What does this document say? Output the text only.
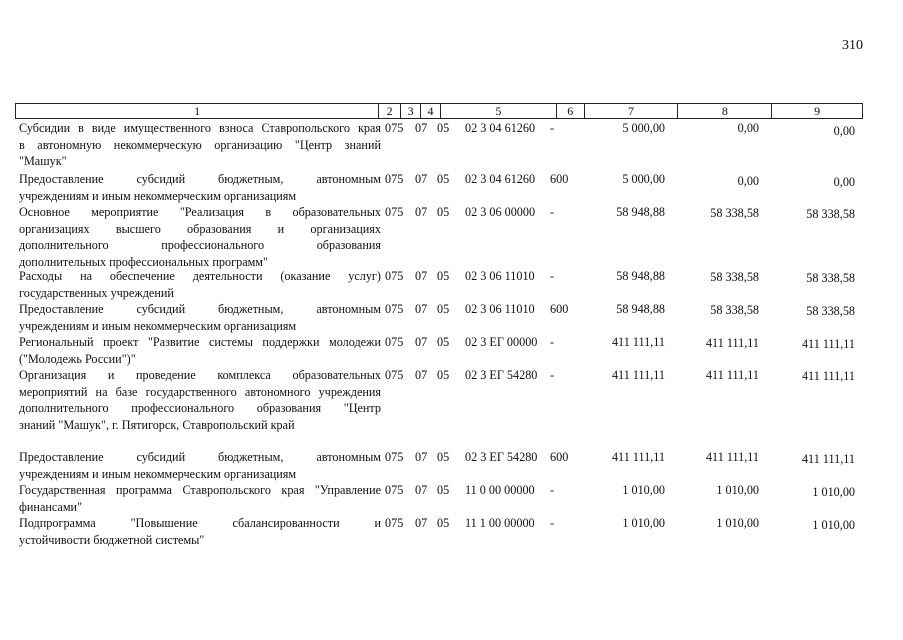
310
1	2	3	4	5	6	7	8	9
Субсидии в виде имущественного взноса Ставропольского края
в автономную некоммерческую организацию "Центр знаний
"Машук"
075 07 05	02 3 04 61260	-	5 000,00	0,00	0,00
Предоставление субсидий бюджетным, автономным
учреждениям и иным некоммерческим организациям
075 07 05	02 3 04 61260	600	5 000,00	0,00	0,00
Основное мероприятие "Реализация в образовательных
организациях высшего образования и организациях
дополнительного профессионального образования
дополнительных профессиональных программ"
075 07 05	02 3 06 00000	-	58 948,88	58 338,58	58 338,58
Расходы на обеспечение деятельности (оказание услуг)
государственных учреждений
075 07 05	02 3 06 11010	-	58 948,88	58 338,58	58 338,58
Предоставление субсидий бюджетным, автономным
учреждениям и иным некоммерческим организациям
075 07 05	02 3 06 11010	600	58 948,88	58 338,58	58 338,58
Региональный проект "Развитие системы поддержки молодежи
("Молодежь России")"
075 07 05	02 3 ЕГ 00000	-	411 111,11	411 111,11	411 111,11
Организация и проведение комплекса образовательных
мероприятий на базе государственного автономного учреждения
дополнительного профессионального образования "Центр
знаний "Машук", г. Пятигорск, Ставропольский край
075 07 05	02 3 ЕГ 54280	-	411 111,11	411 111,11	411 111,11
Предоставление субсидий бюджетным, автономным
учреждениям и иным некоммерческим организациям
075 07 05	02 3 ЕГ 54280	600	411 111,11	411 111,11	411 111,11
Государственная программа Ставропольского края "Управление
финансами"
075 07 05	11 0 00 00000	-	1 010,00	1 010,00	1 010,00
Подпрограмма "Повышение сбалансированности и
устойчивости бюджетной системы"
075 07 05	11 1 00 00000	-	1 010,00	1 010,00	1 010,00
